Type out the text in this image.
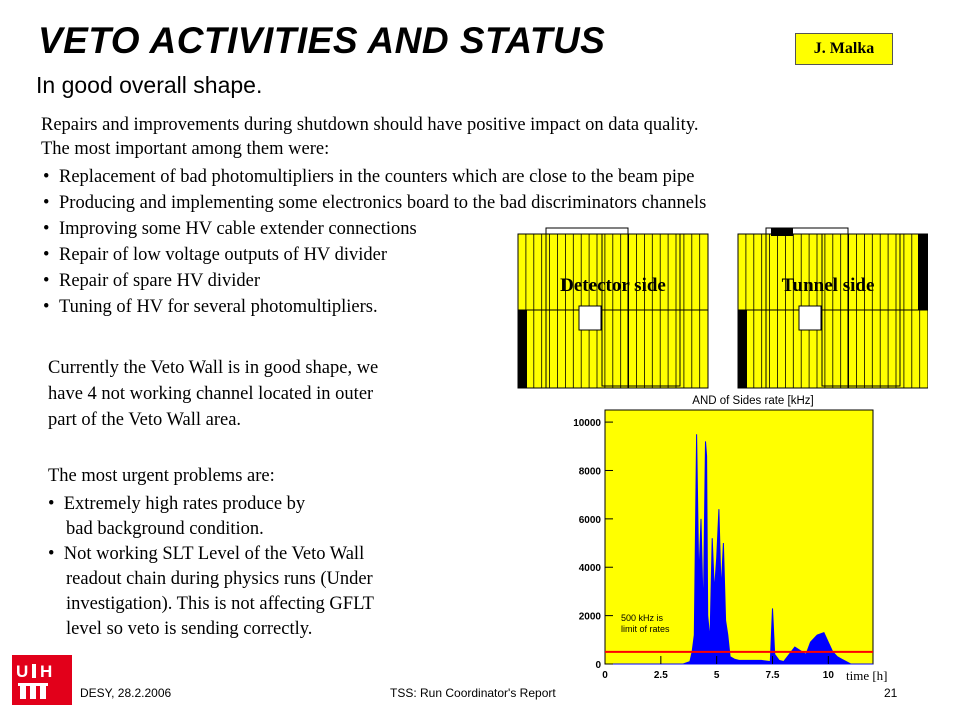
VETO ACTIVITIES AND STATUS
In good overall shape.
J. Malka
Repairs and improvements during shutdown should have positive impact on data quality.
The most important among them were:
• Replacement of bad photomultipliers in the counters which are close to the beam pipe
• Producing and implementing some electronics board to the bad discriminators channels
• Improving some HV cable extender connections
• Repair of low voltage outputs of HV divider
• Repair of spare HV divider
• Tuning of HV for several photomultipliers.
Currently the Veto Wall is in good shape, we
have 4 not working channel located in outer
part of the Veto Wall area.
The most urgent problems are:
•  Extremely high rates produce by
bad background condition.
•  Not working SLT Level of the Veto Wall
readout chain during physics runs (Under
investigation). This is not affecting GFLT
level so veto is sending correctly.
Detector side	Tunnel side
AND of Sides rate [kHz]
0
2000
4000
6000
8000
10000
0	2.5	5	7.5	10 time [h]
500 kHz is
limit of rates
U H
DESY, 28.2.2006	TSS: Run Coordinator's Report	21
